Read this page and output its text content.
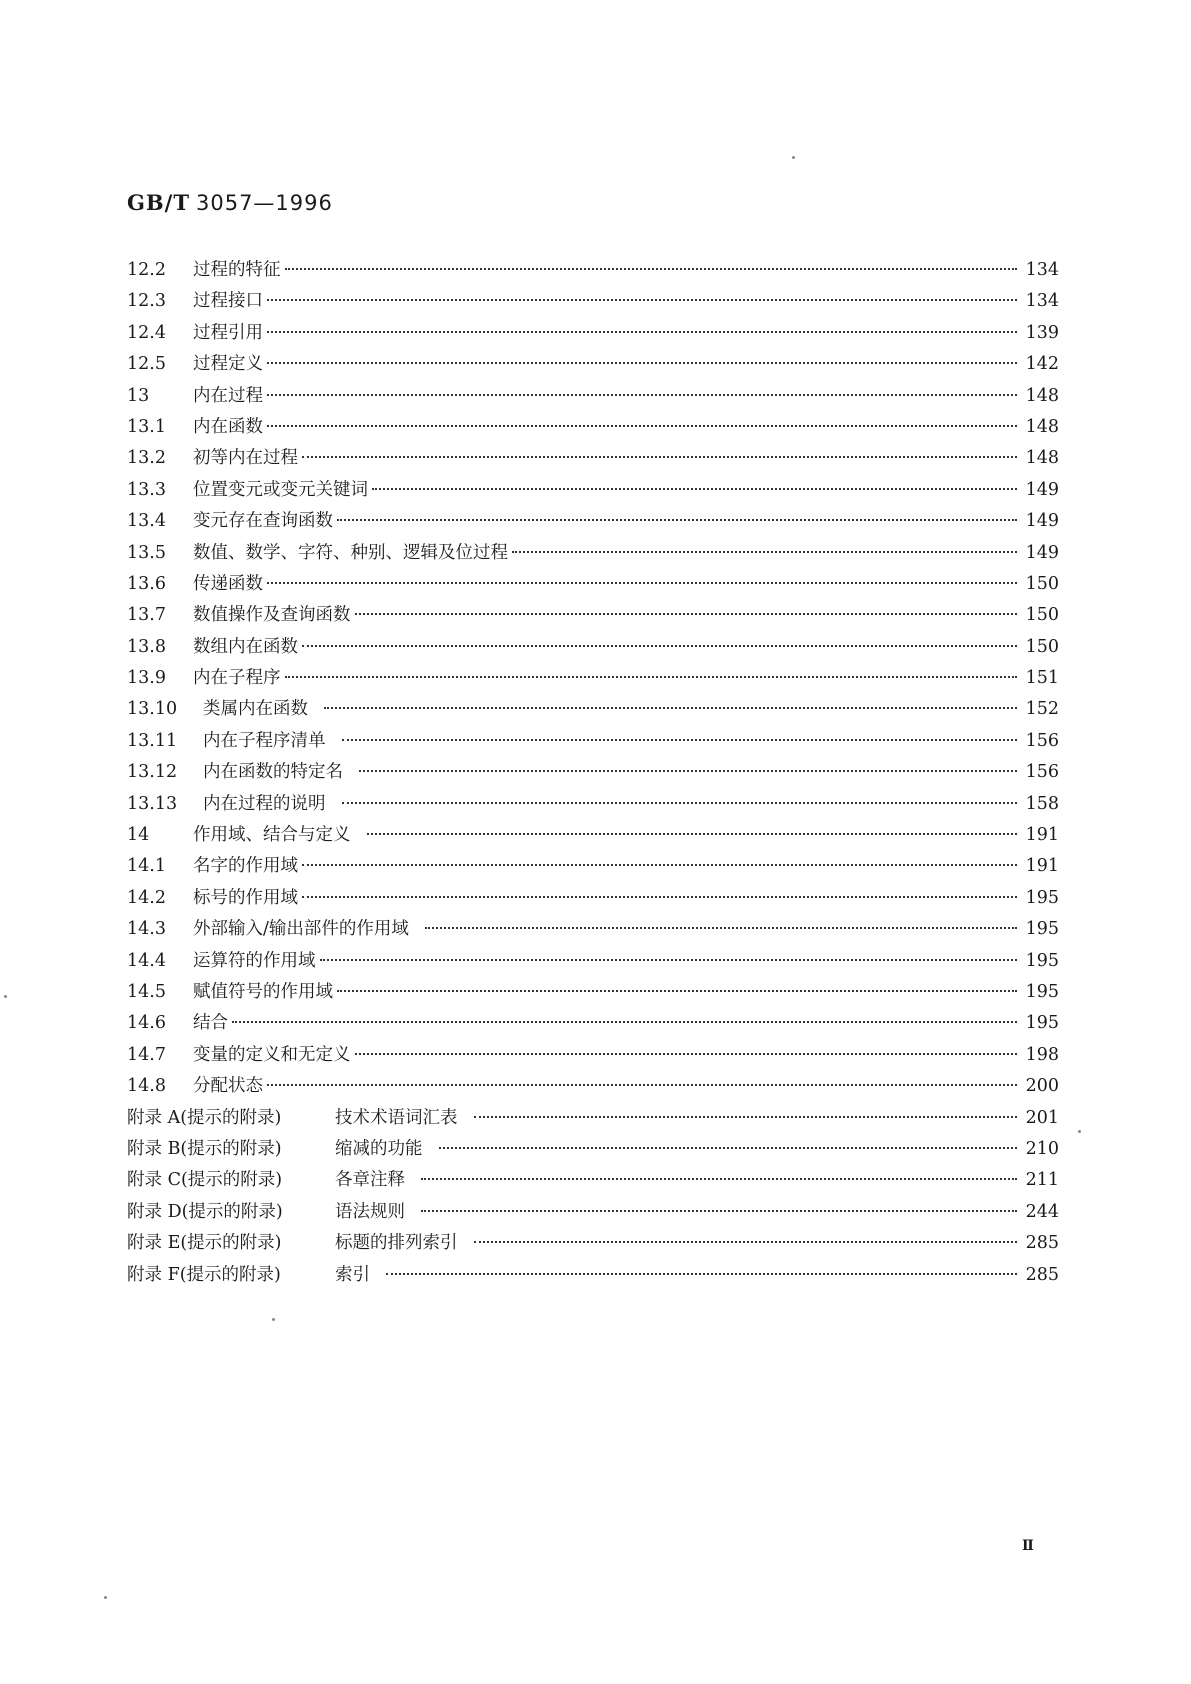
GB/T 3057—1996
12.2	过程的特征	134
12.3	过程接口	134
12.4	过程引用	139
12.5	过程定义	142
13	内在过程	148
13.1	内在函数	148
13.2	初等内在过程	148
13.3	位置变元或变元关键词	149
13.4	变元存在查询函数	149
13.5	数值、数学、字符、种别、逻辑及位过程	149
13.6	传递函数	150
13.7	数值操作及查询函数	150
13.8	数组内在函数	150
13.9	内在子程序	151
13.10	类属内在函数	152
13.11	内在子程序清单	156
13.12	内在函数的特定名	156
13.13	内在过程的说明	158
14	作用域、结合与定义	191
14.1	名字的作用域	191
14.2	标号的作用域	195
14.3	外部输入/输出部件的作用域	195
14.4	运算符的作用域	195
14.5	赋值符号的作用域	195
14.6	结合	195
14.7	变量的定义和无定义	198
14.8	分配状态	200
附录 A(提示的附录)	技术术语词汇表	201
附录 B(提示的附录)	缩减的功能	210
附录 C(提示的附录)	各章注释	211
附录 D(提示的附录)	语法规则	244
附录 E(提示的附录)	标题的排列索引	285
附录 F(提示的附录)	索引	285
Ⅱ
